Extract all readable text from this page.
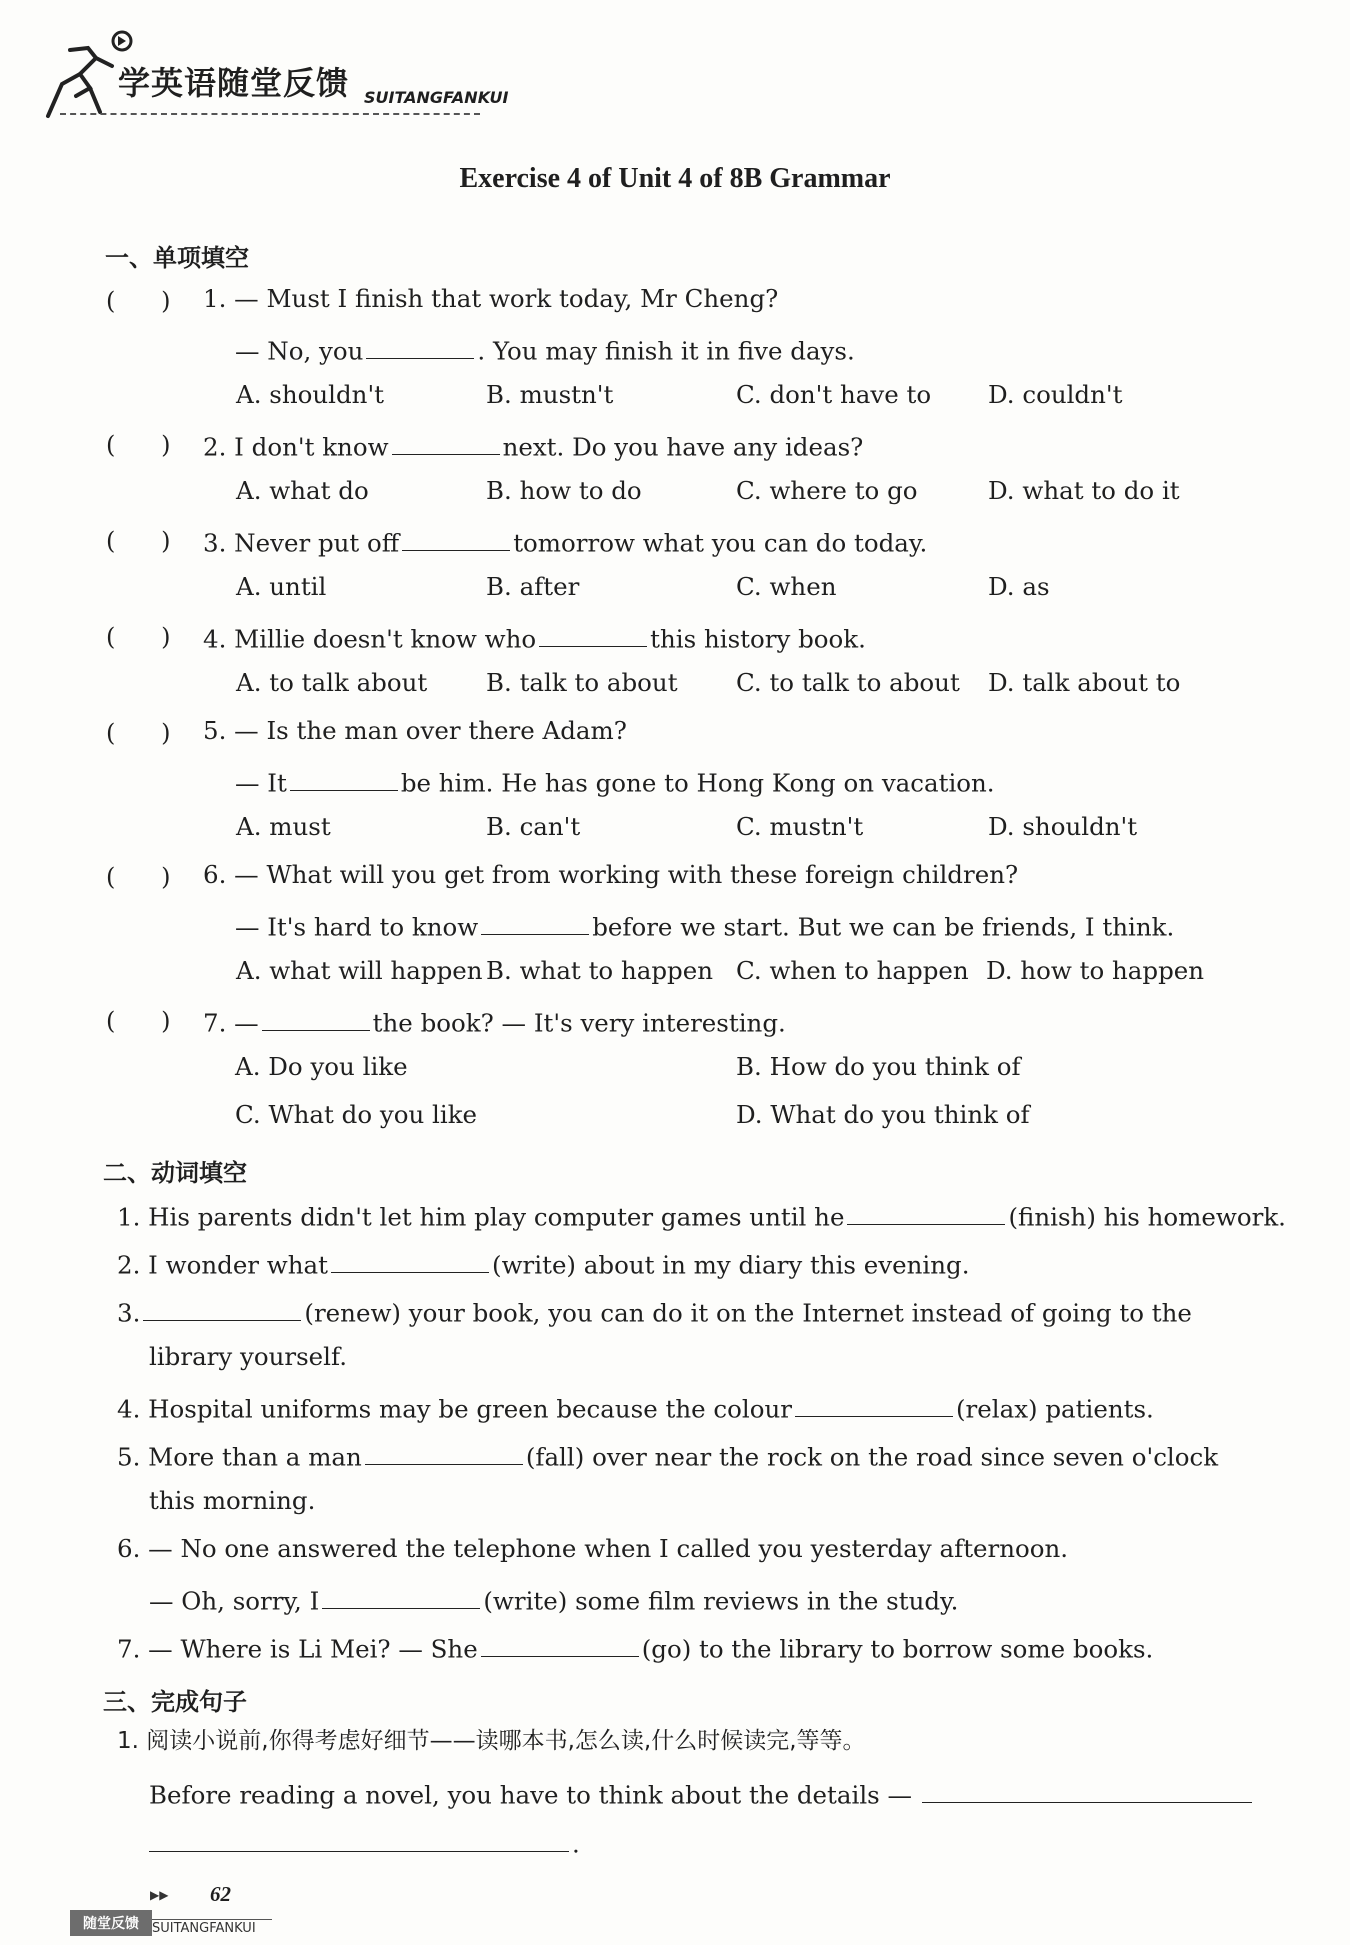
学英语随堂反馈 SUITANGFANKUI
Exercise 4 of Unit 4 of 8B Grammar
一、单项填空
(      ) 1. — Must I finish that work today, Mr Cheng?
— No, you	. You may finish it in five days.
A. shouldn't	B. mustn't	C. don't have to D. couldn't
(      ) 2. I don't know	next. Do you have any ideas?
A. what do	B. how to do	C. where to go	D. what to do it
(      ) 3. Never put off	tomorrow what you can do today.
A. until	B. after	C. when	D. as
(      ) 4. Millie doesn't know who	this history book.
A. to talk about B. talk to about C. to talk to about D. talk about to
(      ) 5. — Is the man over there Adam?
— It	be him. He has gone to Hong Kong on vacation.
A. must	B. can't	C. mustn't	D. shouldn't
(      ) 6. — What will you get from working with these foreign children?
— It's hard to know	before we start. But we can be friends, I think.
A. what will happen B. what to happen C. when to happen D. how to happen
(      ) 7. —	the book? — It's very interesting.
A. Do you like	B. How do you think of
C. What do you like	D. What do you think of
二、动词填空
1. His parents didn't let him play computer games until he	(finish) his homework.
2. I wonder what	(write) about in my diary this evening.
3.	(renew) your book, you can do it on the Internet instead of going to the
library yourself.
4. Hospital uniforms may be green because the colour	(relax) patients.
5. More than a man	(fall) over near the rock on the road since seven o'clock
this morning.
6. — No one answered the telephone when I called you yesterday afternoon.
— Oh, sorry, I	(write) some film reviews in the study.
7. — Where is Li Mei? — She	(go) to the library to borrow some books.
三、完成句子
1. 阅读小说前,你得考虑好细节——读哪本书,怎么读,什么时候读完,等等。
Before reading a novel, you have to think about the details —
.
▶▶ 62
随堂反馈	SUITANGFANKUI
